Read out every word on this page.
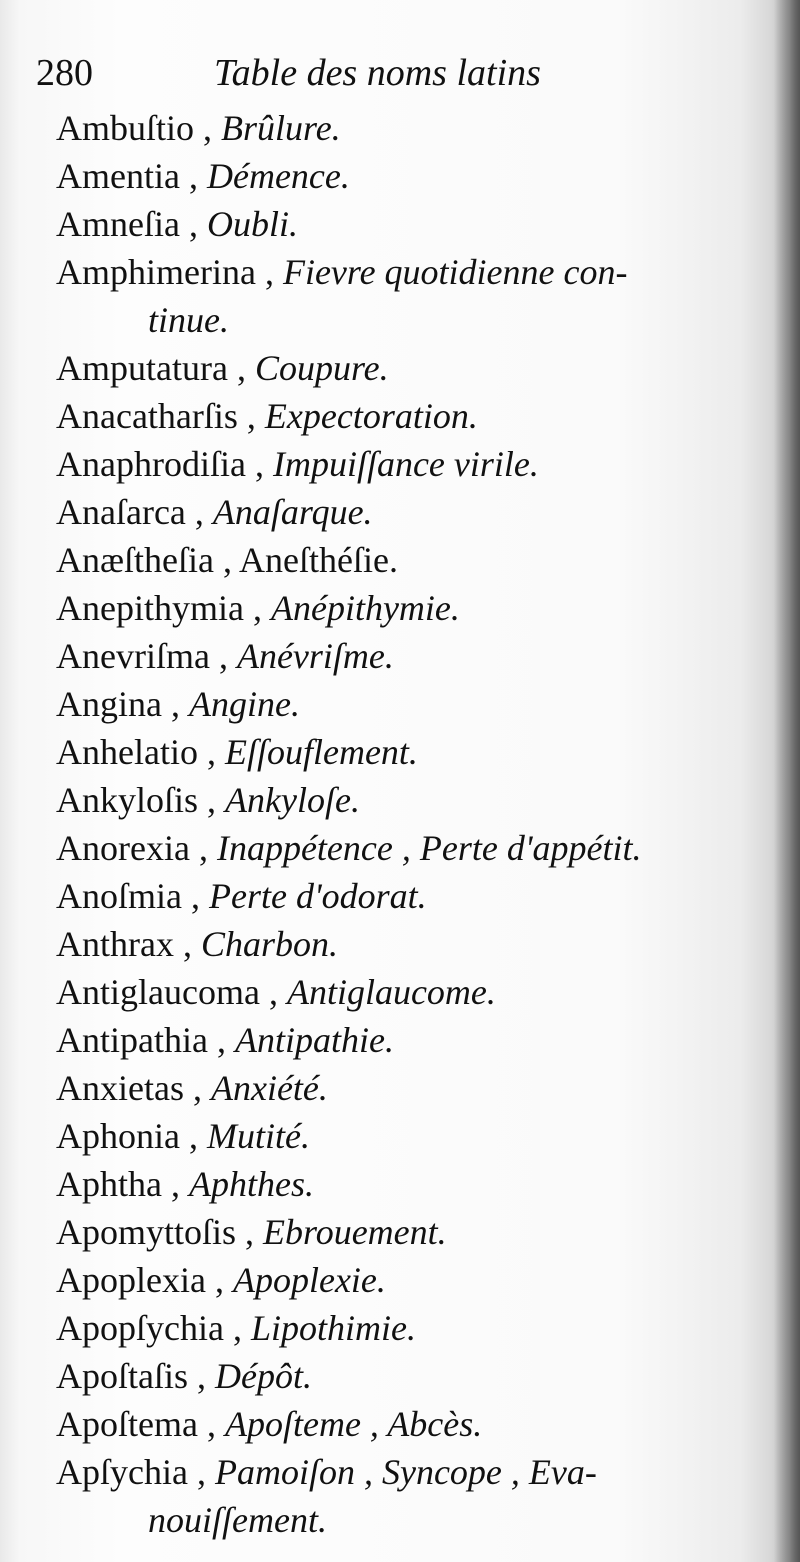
280	Table des noms latins
Ambuſtio , Brûlure.
Amentia , Démence.
Amneſia , Oubli.
Amphimerina , Fievre quotidienne con-
tinue.
Amputatura , Coupure.
Anacatharſis , Expectoration.
Anaphrodiſia , Impuiſſance virile.
Anaſarca , Anaſarque.
Anæſtheſia , Aneſthéſie.
Anepithymia , Anépithymie.
Anevriſma , Anévriſme.
Angina , Angine.
Anhelatio , Eſſouflement.
Ankyloſis , Ankyloſe.
Anorexia , Inappétence , Perte d'appétit.
Anoſmia , Perte d'odorat.
Anthrax , Charbon.
Antiglaucoma , Antiglaucome.
Antipathia , Antipathie.
Anxietas , Anxiété.
Aphonia , Mutité.
Aphtha , Aphthes.
Apomyttoſis , Ebrouement.
Apoplexia , Apoplexie.
Apopſychia , Lipothimie.
Apoſtaſis , Dépôt.
Apoſtema , Apoſteme , Abcès.
Apſychia , Pamoiſon , Syncope , Eva-
nouiſſement.
